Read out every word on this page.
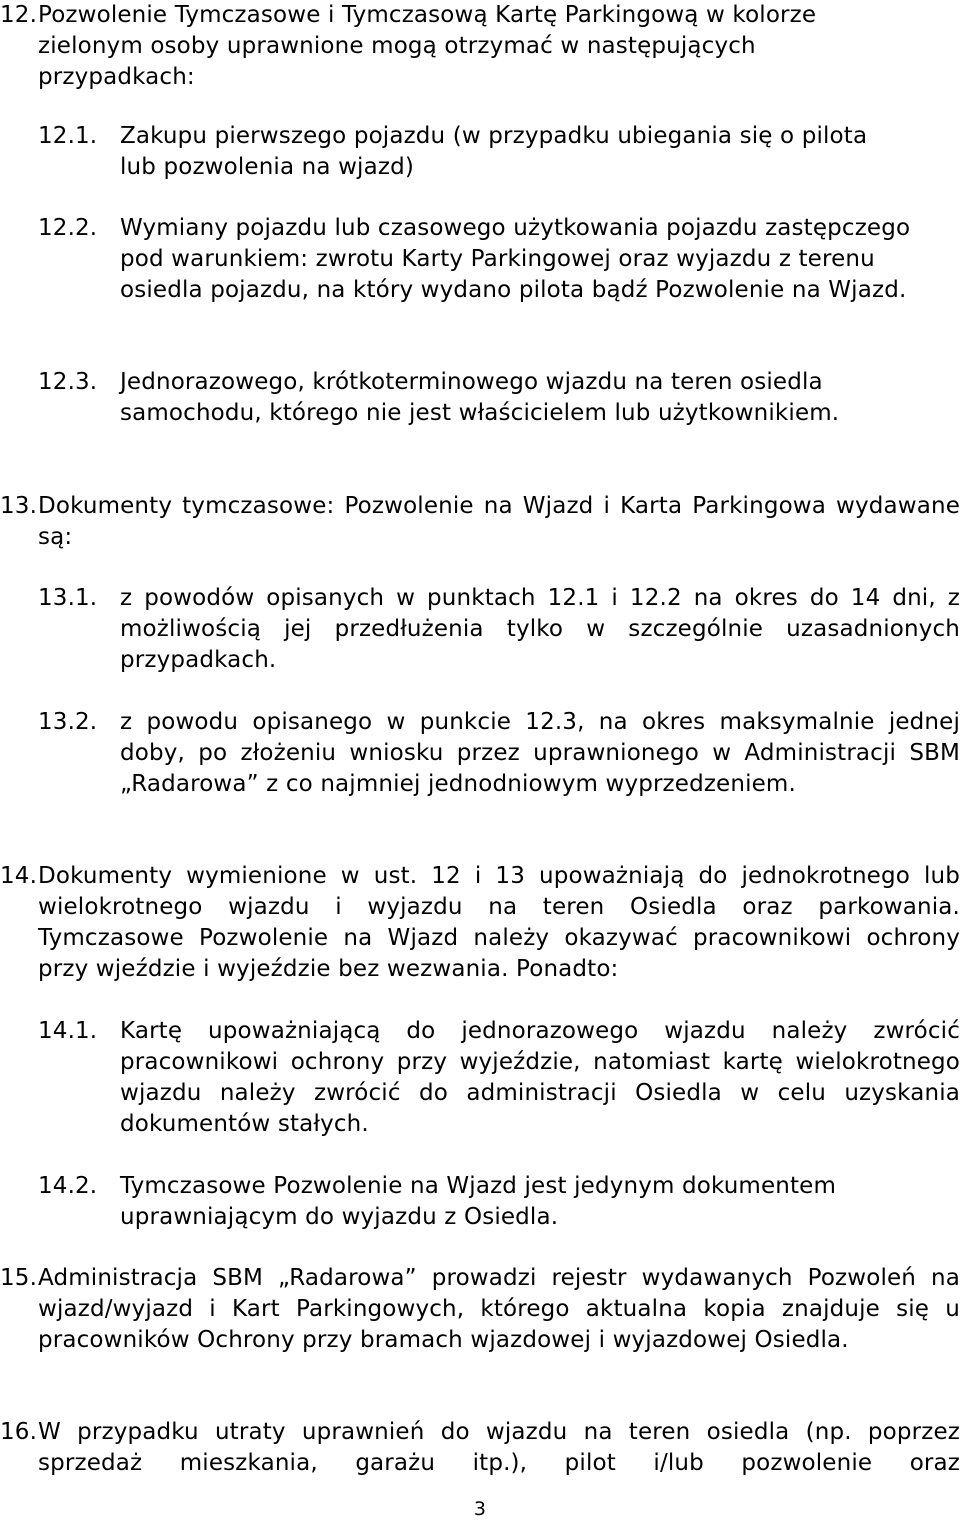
12. Pozwolenie Tymczasowe i Tymczasową Kartę Parkingową w kolorze zielonym osoby uprawnione mogą otrzymać w następujących przypadkach:
12.1. Zakupu pierwszego pojazdu (w przypadku ubiegania się o pilota lub pozwolenia na wjazd)
12.2. Wymiany pojazdu lub czasowego użytkowania pojazdu zastępczego pod warunkiem: zwrotu Karty Parkingowej oraz wyjazdu z terenu osiedla pojazdu, na który wydano pilota bądź Pozwolenie na Wjazd.
12.3. Jednorazowego, krótkoterminowego wjazdu na teren osiedla samochodu, którego nie jest właścicielem lub użytkownikiem.
13. Dokumenty tymczasowe: Pozwolenie na Wjazd i Karta Parkingowa wydawane są:
13.1. z powodów opisanych w punktach 12.1 i 12.2 na okres do 14 dni, z możliwością jej przedłużenia tylko w szczególnie uzasadnionych przypadkach.
13.2. z powodu opisanego w punkcie 12.3, na okres maksymalnie jednej doby, po złożeniu wniosku przez uprawnionego w Administracji SBM „Radarowa” z co najmniej jednodniowym wyprzedzeniem.
14. Dokumenty wymienione w ust. 12 i 13 upoważniają do jednokrotnego lub wielokrotnego wjazdu i wyjazdu na teren Osiedla oraz parkowania. Tymczasowe Pozwolenie na Wjazd należy okazywać pracownikowi ochrony przy wjeździe i wyjeździe bez wezwania. Ponadto:
14.1. Kartę upoważniającą do jednorazowego wjazdu należy zwrócić pracownikowi ochrony przy wyjeździe, natomiast kartę wielokrotnego wjazdu należy zwrócić do administracji Osiedla w celu uzyskania dokumentów stałych.
14.2. Tymczasowe Pozwolenie na Wjazd jest jedynym dokumentem uprawniającym do wyjazdu z Osiedla.
15. Administracja SBM „Radarowa” prowadzi rejestr wydawanych Pozwoleń na wjazd/wyjazd i Kart Parkingowych, którego aktualna kopia znajduje się u pracowników Ochrony przy bramach wjazdowej i wyjazdowej Osiedla.
16. W przypadku utraty uprawnień do wjazdu na teren osiedla (np. poprzez sprzedaż mieszkania, garażu itp.), pilot i/lub pozwolenie oraz
3
